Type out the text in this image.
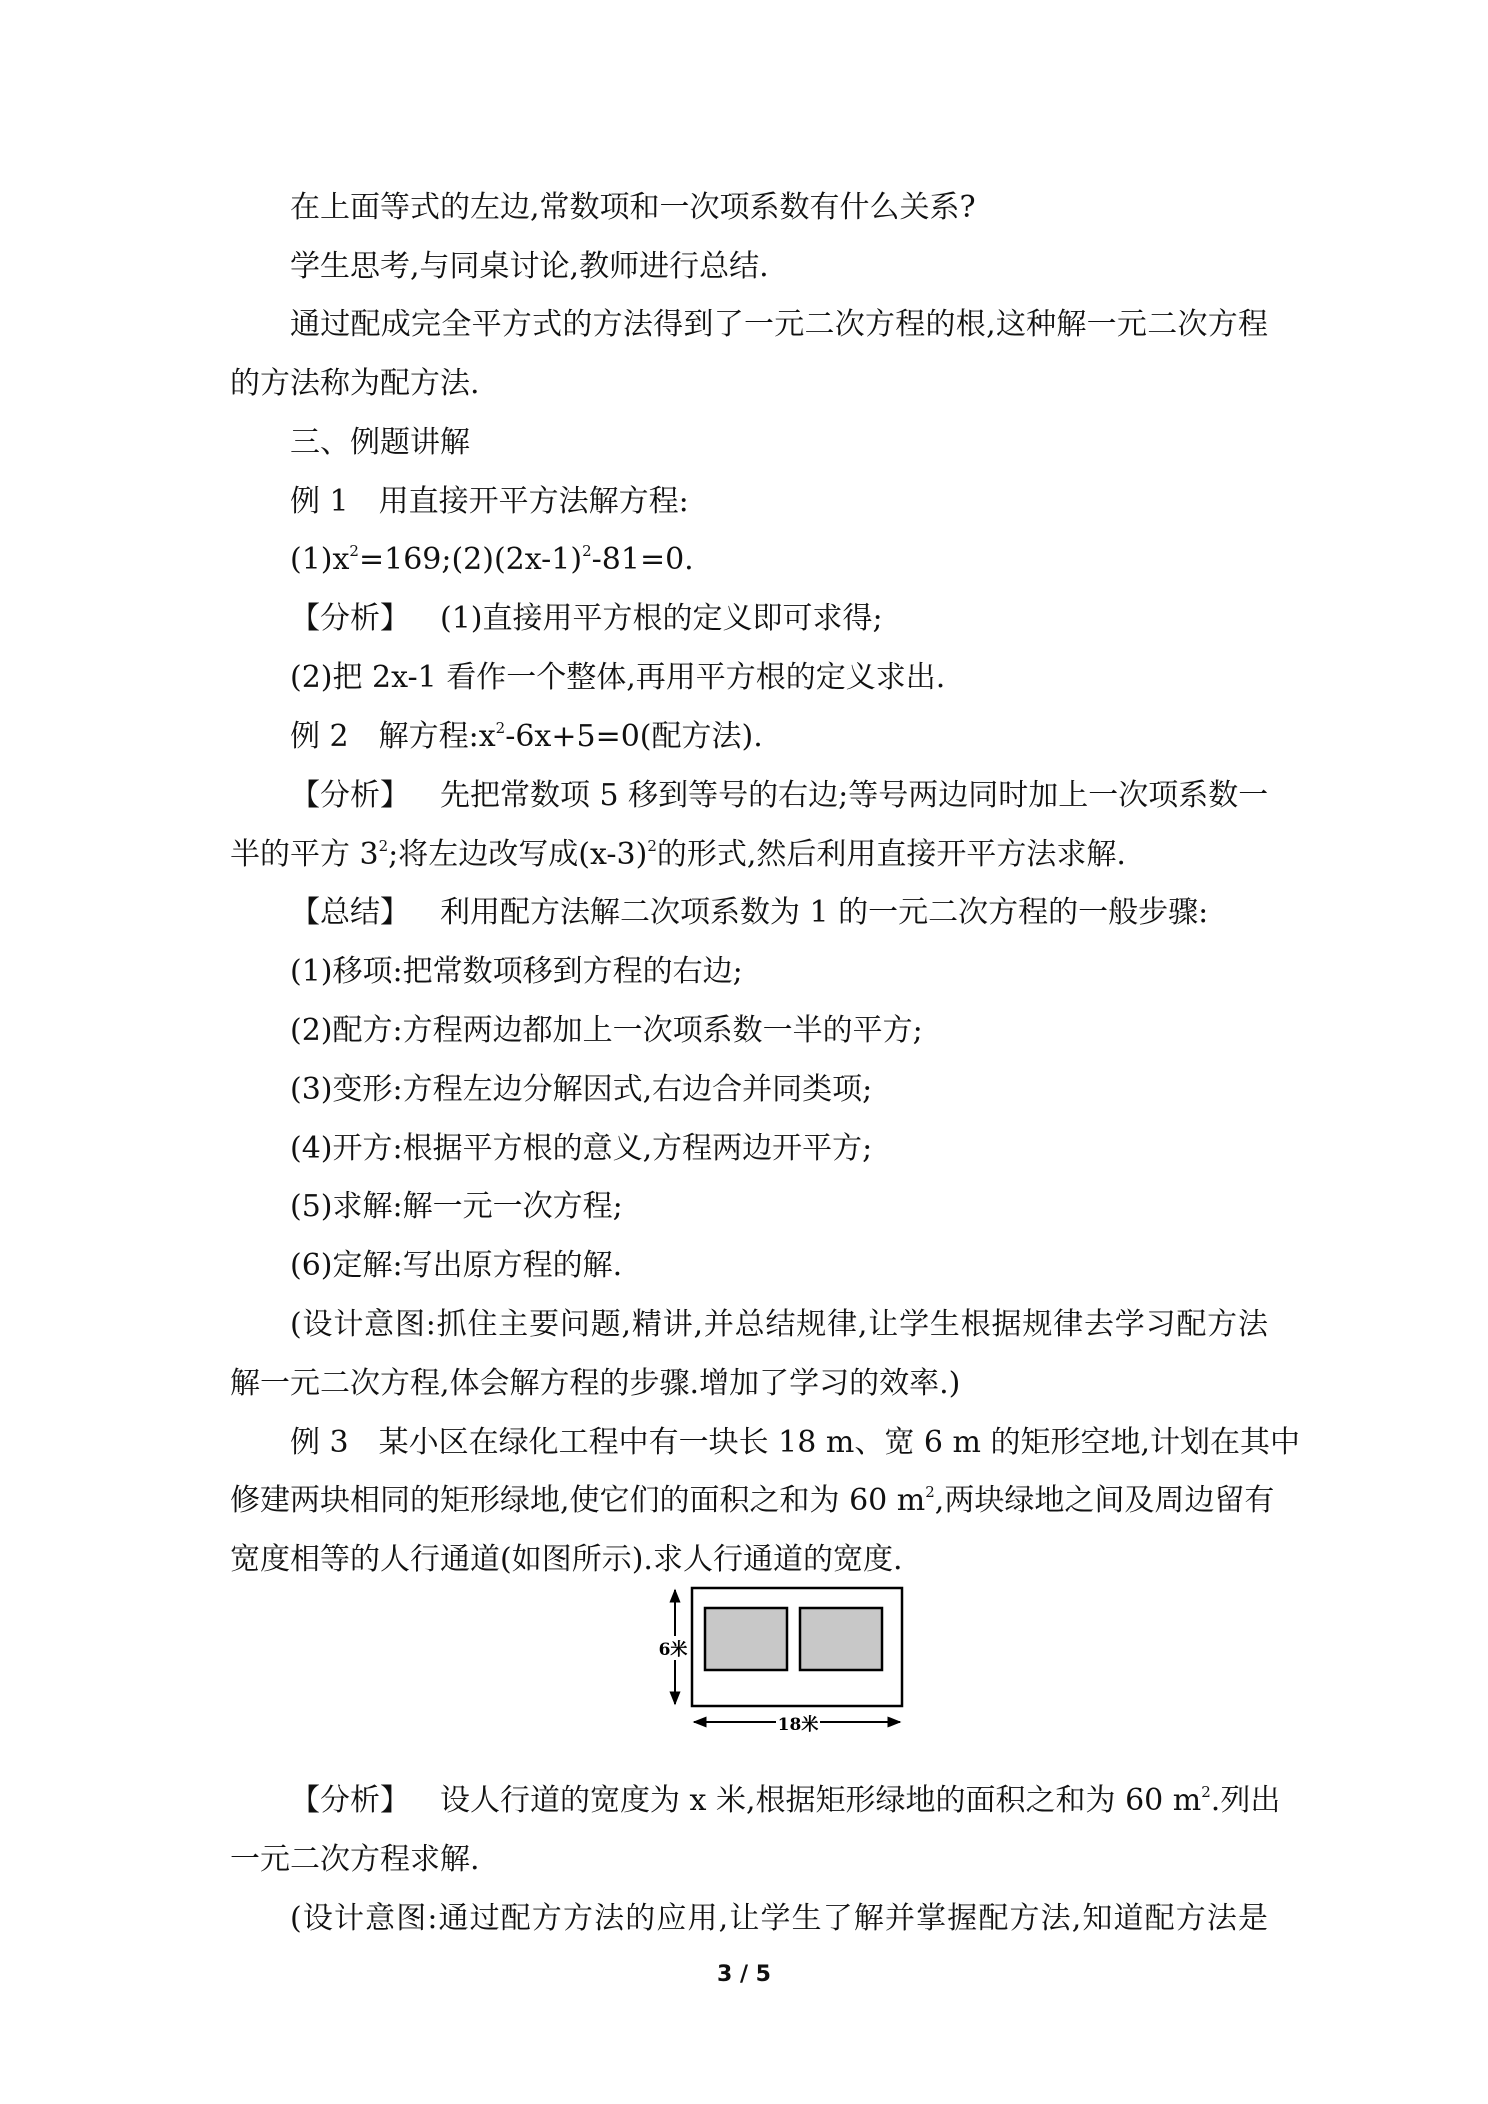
在上面等式的左边,常数项和一次项系数有什么关系?
学生思考,与同桌讨论,教师进行总结.
通过配成完全平方式的方法得到了一元二次方程的根,这种解一元二次方程
的方法称为配方法.
三、例题讲解
例 1 用直接开平方法解方程:
$(1)x^2=169;(2)(2x-1)^2-81=0$.
【分析】 (1)直接用平方根的定义即可求得;
(2)把 2x-1 看作一个整体,再用平方根的定义求出.
例 2 解方程$:x^2-6x+5=0$(配方法).
【分析】 先把常数项 5 移到等号的右边;等号两边同时加上一次项系数一
半的平方 $3^2$;将左边改写成$(x-3)^2$的形式,然后利用直接开平方法求解.
【总结】 利用配方法解二次项系数为 1 的一元二次方程的一般步骤:
(1)移项:把常数项移到方程的右边;
(2)配方:方程两边都加上一次项系数一半的平方;
(3)变形:方程左边分解因式,右边合并同类项;
(4)开方:根据平方根的意义,方程两边开平方;
(5)求解:解一元一次方程;
(6)定解:写出原方程的解.
(设计意图:抓住主要问题,精讲,并总结规律,让学生根据规律去学习配方法
解一元二次方程,体会解方程的步骤.增加了学习的效率.)
例 3 某小区在绿化工程中有一块长 18 m、宽 6 m 的矩形空地,计划在其中
修建两块相同的矩形绿地,使它们的面积之和为 60 $m^2$,两块绿地之间及周边留有
宽度相等的人行通道(如图所示).求人行通道的宽度.
6米
18米
【分析】 设人行道的宽度为 x 米,根据矩形绿地的面积之和为 60 $m^2$.列出
一元二次方程求解.
(设计意图:通过配方方法的应用,让学生了解并掌握配方法,知道配方法是
3 / 5
